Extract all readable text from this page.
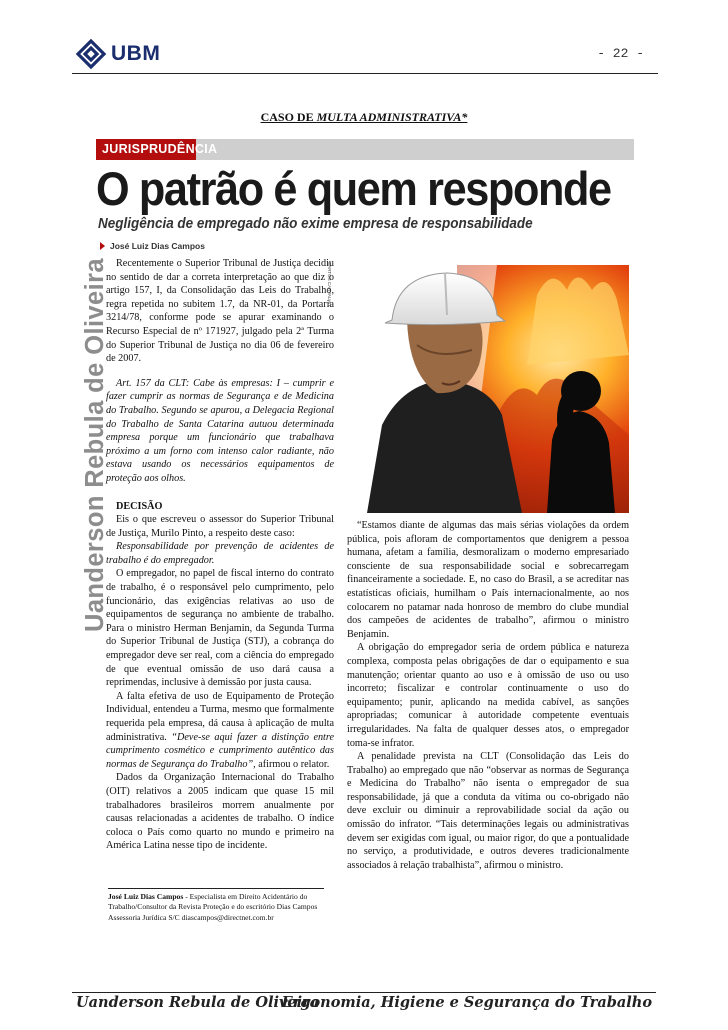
UBM	- 22 -
CASO DE MULTA ADMINISTRATIVA*
JURISPRUDÊNCIA
O patrão é quem responde
Negligência de empregado não exime empresa de responsabilidade
José Luiz Dias Campos
Uanderson Rebula de Oliveira Recentemente o Superior Tribunal de Justiça decidiu no sentido de dar a correta interpretação ao que diz o artigo 157, I, da Consolidação das Leis do Trabalho, regra repetida no subitem 1.7, da NR-01, da Portaria 3214/78, conforme pode se apurar examinando o Recurso Especial de nº 171927, julgado pela 2ª Turma do Superior Tribunal de Justiça no dia 06 de fevereiro de 2007.

Art. 157 da CLT: Cabe às empresas: I – cumprir e fazer cumprir as normas de Segurança e de Medicina do Trabalho. Segundo se apurou, a Delegacia Regional do Trabalho de Santa Catarina autuou determinada empresa porque um funcionário que trabalhava próximo a um forno com intenso calor radiante, não estava usando os necessários equipamentos de proteção aos olhos.

DECISÃO

Eis o que escreveu o assessor do Superior Tribunal de Justiça, Murilo Pinto, a respeito deste caso:

Responsabilidade por prevenção de acidentes de trabalho é do empregador.

O empregador, no papel de fiscal interno do contrato de trabalho, é o responsável pelo cumprimento, pelo funcionário, das exigências relativas ao uso de equipamentos de segurança no ambiente de trabalho. Para o ministro Herman Benjamin, da Segunda Turma do Superior Tribunal de Justiça (STJ), a cobrança do empregador deve ser real, com a ciência do empregado de que eventual omissão de uso dará causa a reprimendas, inclusive à demissão por justa causa.

A falta efetiva de uso de Equipamento de Proteção Individual, entendeu a Turma, mesmo que formalmente requerida pela empresa, dá causa à aplicação de multa administrativa. “Deve-se aqui fazer a distinção entre cumprimento cosmético e cumprimento autêntico das normas de Segurança do Trabalho”, afirmou o relator.

Dados da Organização Internacional do Trabalho (OIT) relativos a 2005 indicam que quase 15 mil trabalhadores brasileiros morrem anualmente por causas relacionadas a acidentes de trabalho. O índice coloca o País como quarto no mundo e primeiro na América Latina nesse tipo de incidente.

José Luiz Dias Campos - Especialista em Direito Acidentário do Trabalho/Consultor da Revista Proteção e do escritório Dias Campos Assessoria Jurídica S/C diascampos@directnet.com.br
CARTOS CARVALHO

“Estamos diante de algumas das mais sérias violações da ordem pública, pois afloram de comportamentos que denigrem a pessoa humana, afetam a família, desmoralizam o moderno empresariado consciente de sua responsabilidade social e sobrecarregam financeiramente a sociedade. E, no caso do Brasil, a se acreditar nas estatísticas oficiais, humilham o País internacionalmente, ao nos colocarem no patamar nada honroso de membro do clube mundial dos campeões de acidentes de trabalho”, afirmou o ministro Benjamin.

A obrigação do empregador seria de ordem pública e natureza complexa, composta pelas obrigações de dar o equipamento e sua manutenção; orientar quanto ao uso e à omissão de uso ou uso incorreto; fiscalizar e controlar continuamente o uso do equipamento; punir, aplicando na medida cabível, as sanções apropriadas; comunicar à autoridade competente eventuais irregularidades. Na falta de qualquer desses atos, o empregador toma-se infrator.

A penalidade prevista na CLT (Consolidação das Leis do Trabalho) ao empregado que não “observar as normas de Segurança e Medicina do Trabalho” não isenta o empregador de sua responsabilidade, já que a conduta da vítima ou co-obrigado não deve excluir ou diminuir a reprovabilidade social da ação ou omissão do infrator. “Tais determinações legais ou administrativas devem ser exigidas com igual, ou maior rigor, do que a pontualidade no serviço, a produtividade, e outros deveres tradicionalmente associados à relação trabalhista”, afirmou o ministro.

Uanderson Rebula de Oliveira
Ergonomia, Higiene e Segurança do Trabalho
